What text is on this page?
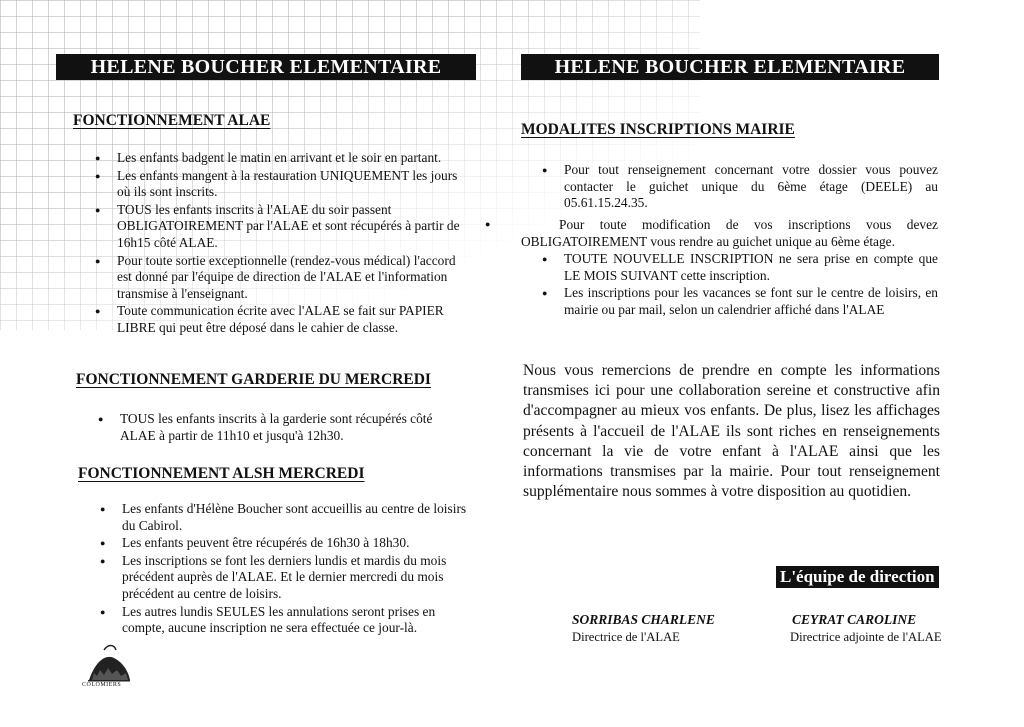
HELENE BOUCHER ELEMENTAIRE
FONCTIONNEMENT ALAE
● Les enfants badgent le matin en arrivant et le soir en partant.
● Les enfants mangent à la restauration UNIQUEMENT les jours où ils sont inscrits.
● TOUS les enfants inscrits à l'ALAE du soir passent OBLIGATOIREMENT par l'ALAE et sont récupérés à partir de 16h15 côté ALAE.
● Pour toute sortie exceptionnelle (rendez-vous médical) l'accord est donné par l'équipe de direction de l'ALAE et l'information transmise à l'enseignant.
● Toute communication écrite avec l'ALAE se fait sur PAPIER LIBRE qui peut être déposé dans le cahier de classe.
FONCTIONNEMENT GARDERIE DU MERCREDI
● TOUS les enfants inscrits à la garderie sont récupérés côté ALAE à partir de 11h10 et jusqu'à 12h30.
FONCTIONNEMENT ALSH MERCREDI
● Les enfants d'Hélène Boucher sont accueillis au centre de loisirs du Cabirol.
● Les enfants peuvent être récupérés de 16h30 à 18h30.
● Les inscriptions se font les derniers lundis et mardis du mois précédent auprès de l'ALAE. Et le dernier mercredi du mois précédent au centre de loisirs.
● Les autres lundis SEULES les annulations seront prises en compte, aucune inscription ne sera effectuée ce jour-là.
COLOMIERS
HELENE BOUCHER ELEMENTAIRE
MODALITES INSCRIPTIONS MAIRIE
● Pour tout renseignement concernant votre dossier vous pouvez contacter le guichet unique du 6ème étage (DEELE) au 05.61.15.24.35.
●	Pour toute modification de vos inscriptions vous devez OBLIGATOIREMENT vous rendre au guichet unique au 6ème étage.
● TOUTE NOUVELLE INSCRIPTION ne sera prise en compte que LE MOIS SUIVANT cette inscription.
● Les inscriptions pour les vacances se font sur le centre de loisirs, en mairie ou par mail, selon un calendrier affiché dans l'ALAE
Nous vous remercions de prendre en compte les informations transmises ici pour une collaboration sereine et constructive afin d'accompagner au mieux vos enfants. De plus, lisez les affichages présents à l'accueil de l'ALAE ils sont riches en renseignements concernant la vie de votre enfant à l'ALAE ainsi que les informations transmises par la mairie. Pour tout renseignement supplémentaire nous sommes à votre disposition au quotidien.
L'équipe de direction
SORRIBAS CHARLENE
Directrice de l'ALAE
CEYRAT CAROLINE
Directrice adjointe de l'ALAE
